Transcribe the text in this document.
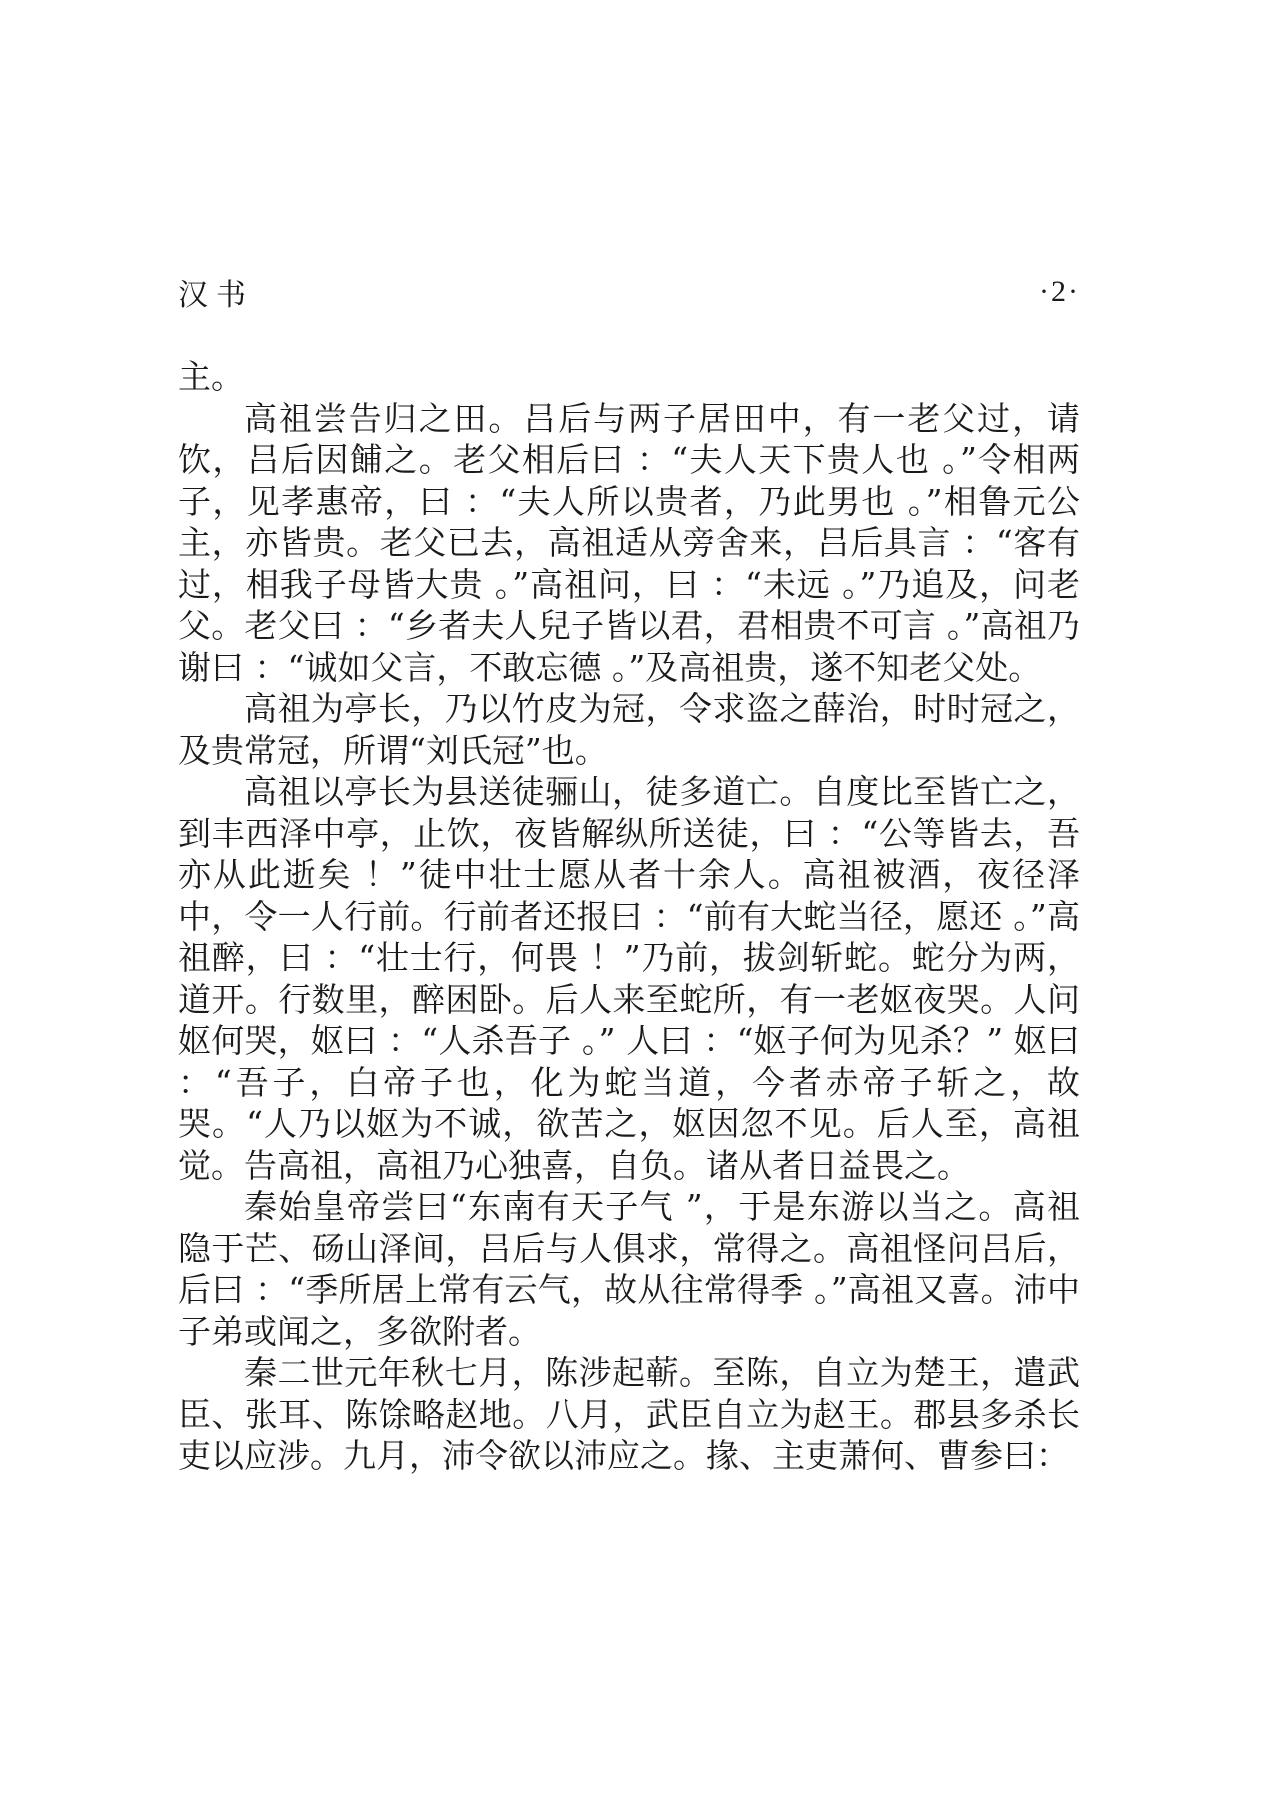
汉书	·2·

主。

高祖尝告归之田。吕后与两子居田中，有一老父过，请饮，吕后因餔之。老父相后曰 ：“夫人天下贵人也 。”令相两子，见孝惠帝，曰 ：“夫人所以贵者，乃此男也 。”相鲁元公主，亦皆贵。老父已去，高祖适从旁舍来，吕后具言 ：“客有过，相我子母皆大贵 。”高祖问，曰 ：“未远 。”乃追及，问老父。老父曰 ：“乡者夫人兒子皆以君，君相贵不可言 。”高祖乃谢曰 ：“诚如父言，不敢忘德 。”及高祖贵，遂不知老父处。

高祖为亭长，乃以竹皮为冠，令求盗之薛治，时时冠之，及贵常冠，所谓“刘氏冠”也。

高祖以亭长为县送徒骊山，徒多道亡。自度比至皆亡之，到丰西泽中亭，止饮，夜皆解纵所送徒，曰 ：“公等皆去，吾亦从此逝矣 ！”徒中壮士愿从者十余人。高祖被酒，夜径泽中，令一人行前。行前者还报曰 ：“前有大蛇当径，愿还 。”高祖醉，曰 ：“壮士行，何畏 ！”乃前，拔剑斩蛇。蛇分为两，道开。行数里，醉困卧。后人来至蛇所，有一老妪夜哭。人问妪何哭，妪曰 ：“人杀吾子 。” 人曰 ：“妪子何为见杀？” 妪曰 ：“吾子，白帝子也，化为蛇当道，今者赤帝子斩之，故哭。“人乃以妪为不诚，欲苦之，妪因忽不见。后人至，高祖觉。告高祖，高祖乃心独喜，自负。诸从者日益畏之。

秦始皇帝尝曰“东南有天子气 ”，于是东游以当之。高祖隐于芒、砀山泽间，吕后与人俱求，常得之。高祖怪问吕后，后曰 ：“季所居上常有云气，故从往常得季 。”高祖又喜。沛中子弟或闻之，多欲附者。

秦二世元年秋七月，陈涉起蕲。至陈，自立为楚王，遣武臣、张耳、陈馀略赵地。八月，武臣自立为赵王。郡县多杀长吏以应涉。九月，沛令欲以沛应之。掾、主吏萧何、曹参曰：
